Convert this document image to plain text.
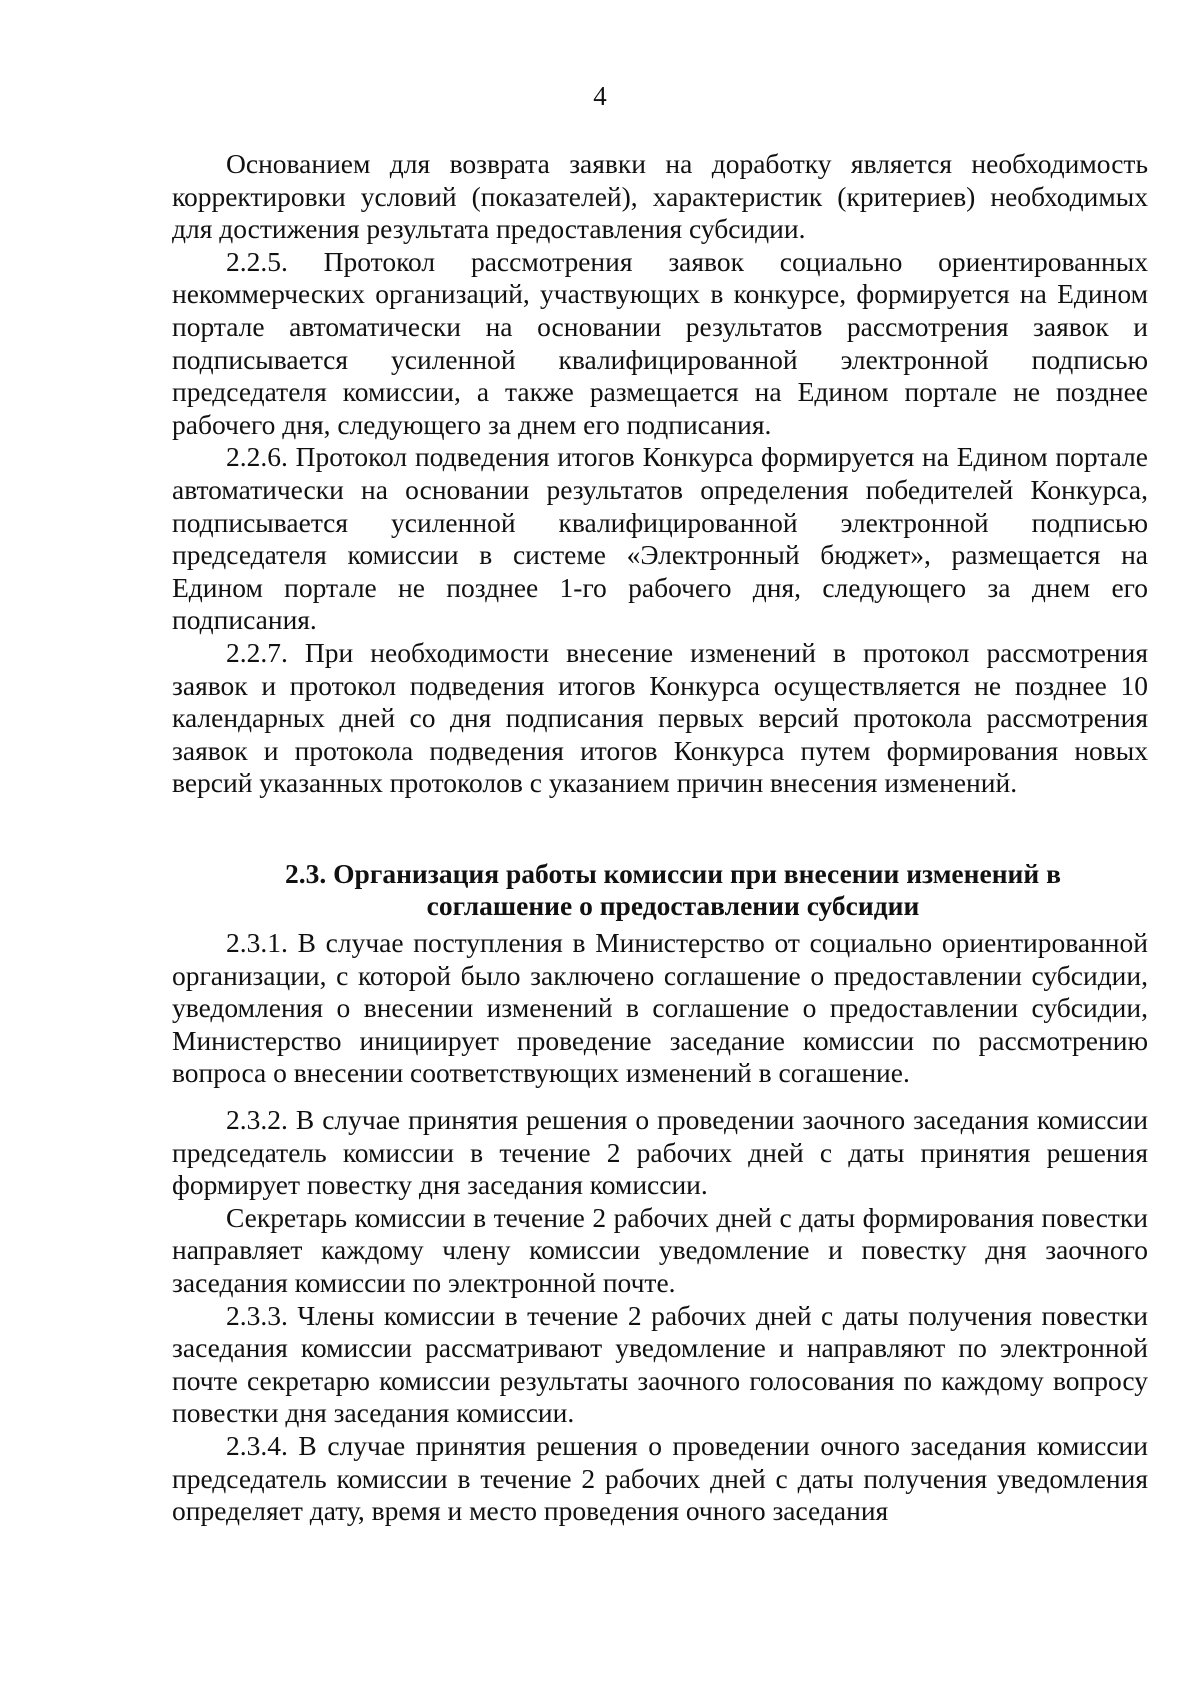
4

Основанием для возврата заявки на доработку является необходимость корректировки условий (показателей), характеристик (критериев) необходимых для достижения результата предоставления субсидии.

2.2.5. Протокол рассмотрения заявок социально ориентированных некоммерческих организаций, участвующих в конкурсе, формируется на Едином портале автоматически на основании результатов рассмотрения заявок и подписывается усиленной квалифицированной электронной подписью председателя комиссии, а также размещается на Едином портале не позднее рабочего дня, следующего за днем его подписания.

2.2.6. Протокол подведения итогов Конкурса формируется на Едином портале автоматически на основании результатов определения победителей Конкурса, подписывается усиленной квалифицированной электронной подписью председателя комиссии в системе «Электронный бюджет», размещается на Едином портале не позднее 1-го рабочего дня, следующего за днем его подписания.

2.2.7. При необходимости внесение изменений в протокол рассмотрения заявок и протокол подведения итогов Конкурса осуществляется не позднее 10 календарных дней со дня подписания первых версий протокола рассмотрения заявок и протокола подведения итогов Конкурса путем формирования новых версий указанных протоколов с указанием причин внесения изменений.

2.3. Организация работы комиссии при внесении изменений в
соглашение о предоставлении субсидии

2.3.1. В случае поступления в Министерство от социально ориентированной организации, с которой было заключено соглашение о предоставлении субсидии, уведомления о внесении изменений в соглашение о предоставлении субсидии, Министерство инициирует проведение заседание комиссии по рассмотрению вопроса о внесении соответствующих изменений в согашение.

2.3.2. В случае принятия решения о проведении заочного заседания комиссии председатель комиссии в течение 2 рабочих дней с даты принятия решения формирует повестку дня заседания комиссии.

Секретарь комиссии в течение 2 рабочих дней с даты формирования повестки направляет каждому члену комиссии уведомление и повестку дня заочного заседания комиссии по электронной почте.

2.3.3. Члены комиссии в течение 2 рабочих дней с даты получения повестки заседания комиссии рассматривают уведомление и направляют по электронной почте секретарю комиссии результаты заочного голосования по каждому вопросу повестки дня заседания комиссии.

2.3.4. В случае принятия решения о проведении очного заседания комиссии председатель комиссии в течение 2 рабочих дней с даты получения уведомления определяет дату, время и место проведения очного заседания
